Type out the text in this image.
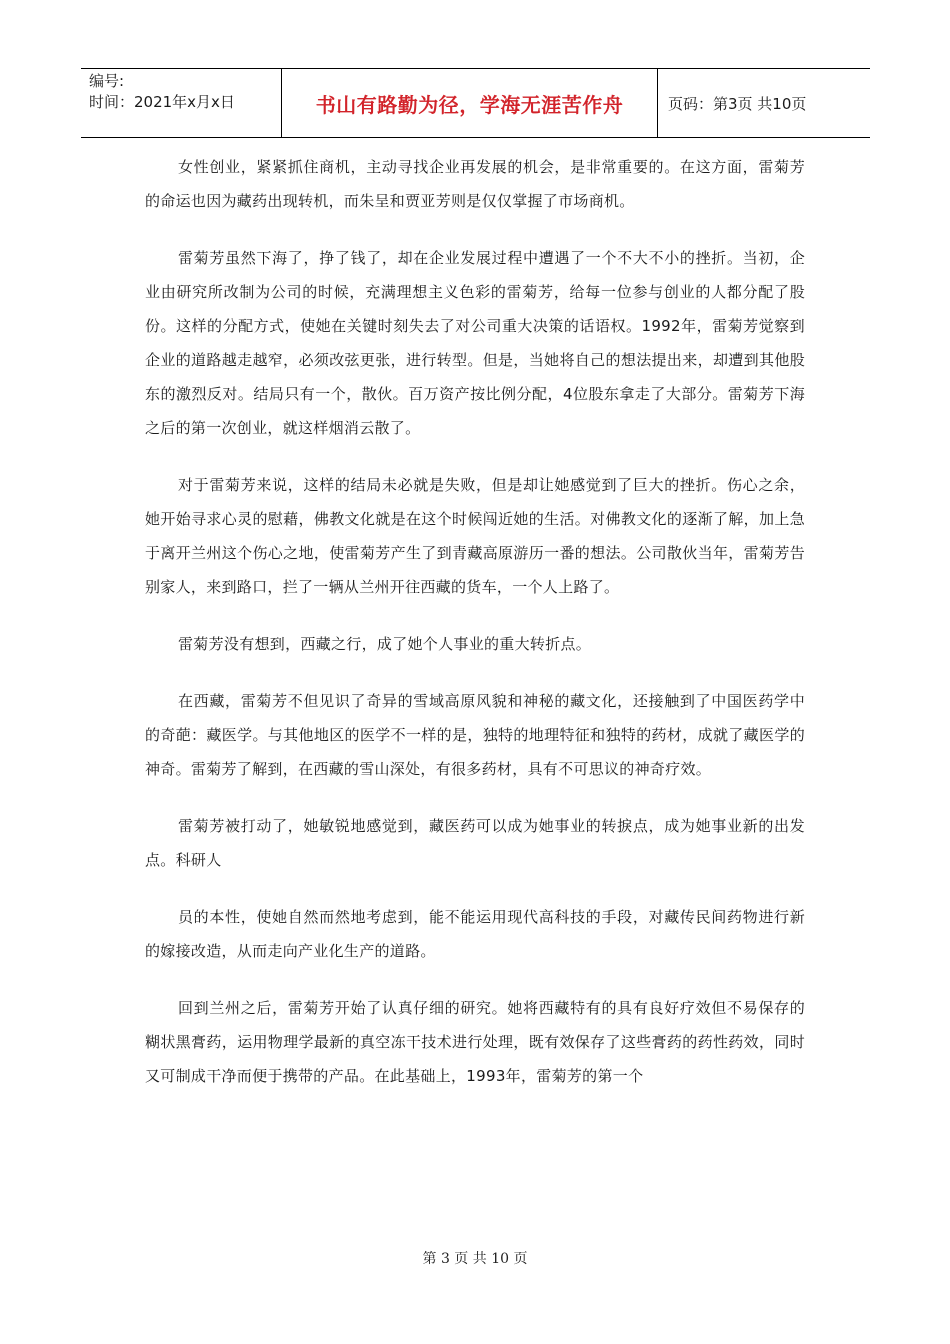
编号:
时间：2021年x月x日	书山有路勤为径，学海无涯苦作舟	页码：第3页 共10页

女性创业，紧紧抓住商机，主动寻找企业再发展的机会，是非常重要的。在这方面，雷菊芳的命运也因为藏药出现转机，而朱呈和贾亚芳则是仅仅掌握了市场商机。

雷菊芳虽然下海了，挣了钱了，却在企业发展过程中遭遇了一个不大不小的挫折。当初，企业由研究所改制为公司的时候，充满理想主义色彩的雷菊芳，给每一位参与创业的人都分配了股份。这样的分配方式，使她在关键时刻失去了对公司重大决策的话语权。1992年，雷菊芳觉察到企业的道路越走越窄，必须改弦更张，进行转型。但是，当她将自己的想法提出来，却遭到其他股东的激烈反对。结局只有一个，散伙。百万资产按比例分配，4位股东拿走了大部分。雷菊芳下海之后的第一次创业，就这样烟消云散了。

对于雷菊芳来说，这样的结局未必就是失败，但是却让她感觉到了巨大的挫折。伤心之余，她开始寻求心灵的慰藉，佛教文化就是在这个时候闯近她的生活。对佛教文化的逐渐了解，加上急于离开兰州这个伤心之地，使雷菊芳产生了到青藏高原游历一番的想法。公司散伙当年，雷菊芳告别家人，来到路口，拦了一辆从兰州开往西藏的货车，一个人上路了。

雷菊芳没有想到，西藏之行，成了她个人事业的重大转折点。

在西藏，雷菊芳不但见识了奇异的雪域高原风貌和神秘的藏文化，还接触到了中国医药学中的奇葩：藏医学。与其他地区的医学不一样的是，独特的地理特征和独特的药材，成就了藏医学的神奇。雷菊芳了解到，在西藏的雪山深处，有很多药材，具有不可思议的神奇疗效。

雷菊芳被打动了，她敏锐地感觉到，藏医药可以成为她事业的转捩点，成为她事业新的出发点。科研人

员的本性，使她自然而然地考虑到，能不能运用现代高科技的手段，对藏传民间药物进行新的嫁接改造，从而走向产业化生产的道路。

回到兰州之后，雷菊芳开始了认真仔细的研究。她将西藏特有的具有良好疗效但不易保存的糊状黑膏药，运用物理学最新的真空冻干技术进行处理，既有效保存了这些膏药的药性药效，同时又可制成干净而便于携带的产品。在此基础上，1993年，雷菊芳的第一个

第 3 页 共 10 页
